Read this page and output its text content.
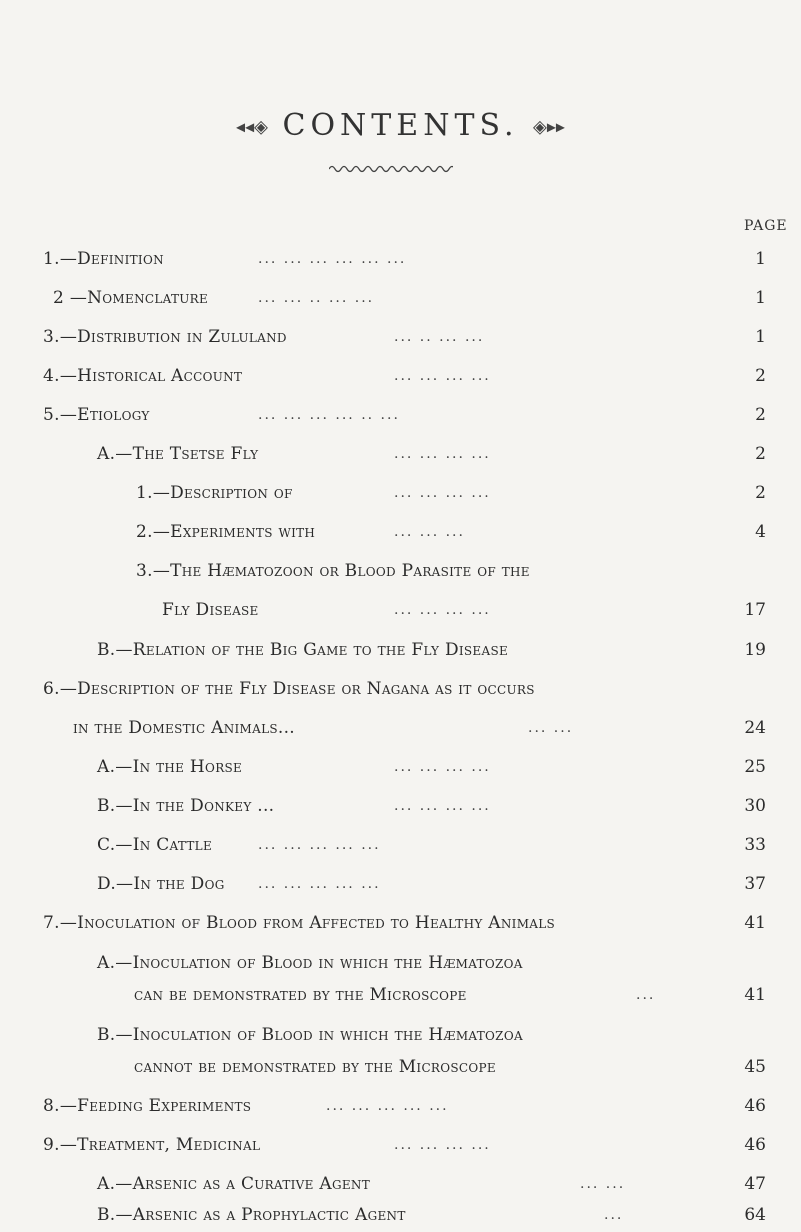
◂◂◈ CONTENTS. ◈▸▸
PAGE
1.—Definition	... ... ... ... ... ...	1
2 —Nomenclature	... ... .. ... ...	1
3.—Distribution in Zululand	... .. ... ...	1
4.—Historical Account	... ... ... ...	2
5.—Etiology	... ... ... ... .. ...	2
A.—The Tsetse Fly	... ... ... ...	2
1.—Description of	... ... ... ...	2
2.—Experiments with	... ... ...	4
3.—The Hæmatozoon or Blood Parasite of the
Fly Disease	... ... ... ...	17
B.—Relation of the Big Game to the Fly Disease	19
6.—Description of the Fly Disease or Nagana as it occurs
in the Domestic Animals...	... ...	24
A.—In the Horse	... ... ... ...	25
B.—In the Donkey ...	... ... ... ...	30
C.—In Cattle	... ... ... ... ...	33
D.—In the Dog ... ... ... ... ...	37
7.—Inoculation of Blood from Affected to Healthy Animals	41
A.—Inoculation of Blood in which the Hæmatozoa
can be demonstrated by the Microscope	...	41
B.—Inoculation of Blood in which the Hæmatozoa
cannot be demonstrated by the Microscope	45
8.—Feeding Experiments	... ... ... ... ...	46
9.—Treatment, Medicinal	... ... ... ...	46
A.—Arsenic as a Curative Agent	... ...	47
B.—Arsenic as a Prophylactic Agent	...	64
